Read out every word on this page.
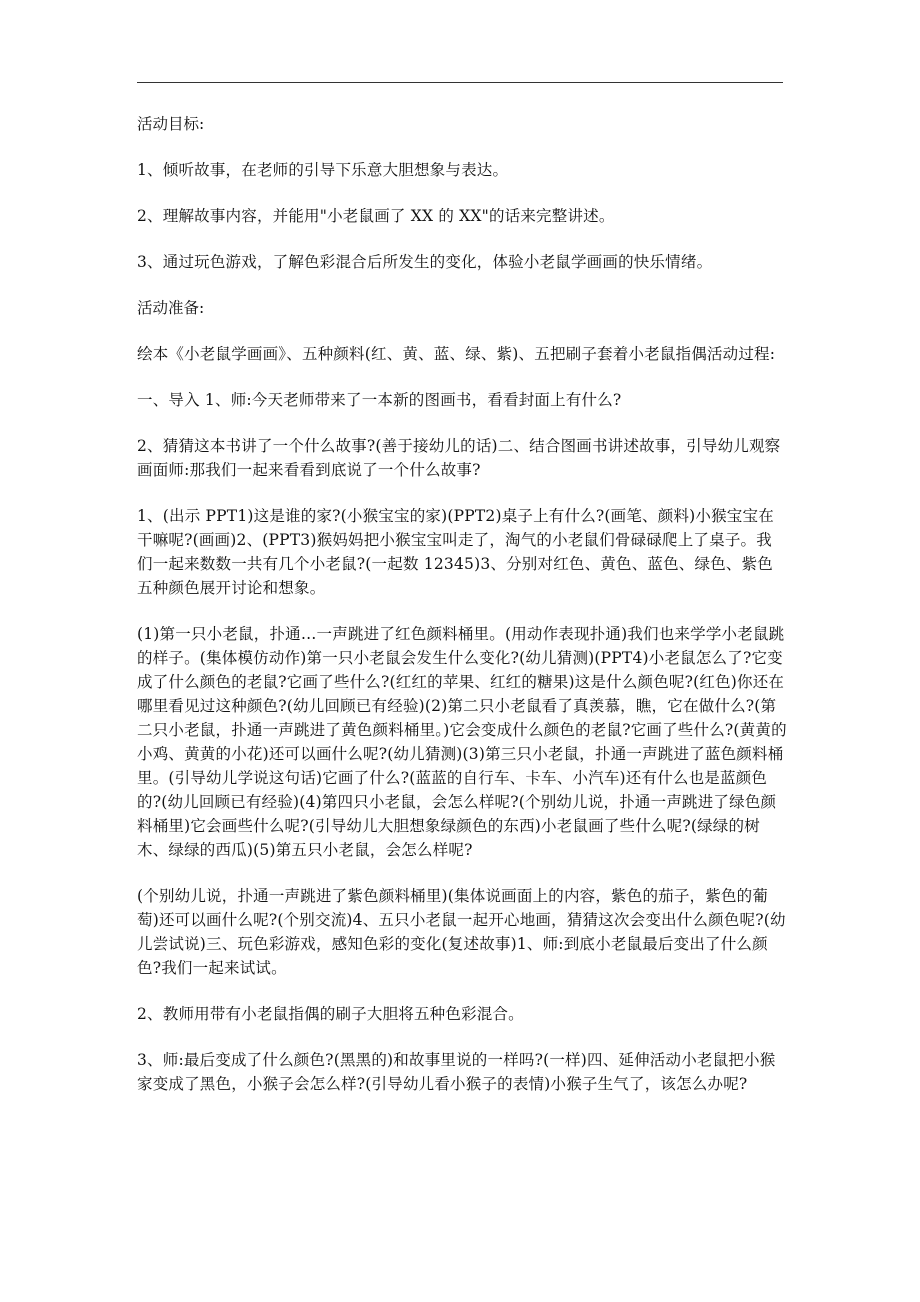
活动目标:

1、倾听故事，在老师的引导下乐意大胆想象与表达。

2、理解故事内容，并能用"小老鼠画了 XX 的 XX"的话来完整讲述。

3、通过玩色游戏，了解色彩混合后所发生的变化，体验小老鼠学画画的快乐情绪。

活动准备:

绘本《小老鼠学画画》、五种颜料(红、黄、蓝、绿、紫)、五把刷子套着小老鼠指偶活动过程:

一、导入 1、师:今天老师带来了一本新的图画书，看看封面上有什么?

2、猜猜这本书讲了一个什么故事?(善于接幼儿的话)二、结合图画书讲述故事，引导幼儿观察画面师:那我们一起来看看到底说了一个什么故事?

1、(出示 PPT1)这是谁的家?(小猴宝宝的家)(PPT2)桌子上有什么?(画笔、颜料)小猴宝宝在干嘛呢?(画画)2、(PPT3)猴妈妈把小猴宝宝叫走了，淘气的小老鼠们骨碌碌爬上了桌子。我们一起来数数一共有几个小老鼠?(一起数 12345)3、分别对红色、黄色、蓝色、绿色、紫色五种颜色展开讨论和想象。

(1)第一只小老鼠，扑通…一声跳进了红色颜料桶里。(用动作表现扑通)我们也来学学小老鼠跳的样子。(集体模仿动作)第一只小老鼠会发生什么变化?(幼儿猜测)(PPT4)小老鼠怎么了?它变成了什么颜色的老鼠?它画了些什么?(红红的苹果、红红的糖果)这是什么颜色呢?(红色)你还在哪里看见过这种颜色?(幼儿回顾已有经验)(2)第二只小老鼠看了真羡慕，瞧，它在做什么?(第二只小老鼠，扑通一声跳进了黄色颜料桶里。)它会变成什么颜色的老鼠?它画了些什么?(黄黄的小鸡、黄黄的小花)还可以画什么呢?(幼儿猜测)(3)第三只小老鼠，扑通一声跳进了蓝色颜料桶里。(引导幼儿学说这句话)它画了什么?(蓝蓝的自行车、卡车、小汽车)还有什么也是蓝颜色的?(幼儿回顾已有经验)(4)第四只小老鼠，会怎么样呢?(个别幼儿说，扑通一声跳进了绿色颜料桶里)它会画些什么呢?(引导幼儿大胆想象绿颜色的东西)小老鼠画了些什么呢?(绿绿的树木、绿绿的西瓜)(5)第五只小老鼠，会怎么样呢?

(个别幼儿说，扑通一声跳进了紫色颜料桶里)(集体说画面上的内容，紫色的茄子，紫色的葡萄)还可以画什么呢?(个别交流)4、五只小老鼠一起开心地画，猜猜这次会变出什么颜色呢?(幼儿尝试说)三、玩色彩游戏，感知色彩的变化(复述故事)1、师:到底小老鼠最后变出了什么颜色?我们一起来试试。

2、教师用带有小老鼠指偶的刷子大胆将五种色彩混合。

3、师:最后变成了什么颜色?(黑黑的)和故事里说的一样吗?(一样)四、延伸活动小老鼠把小猴家变成了黑色，小猴子会怎么样?(引导幼儿看小猴子的表情)小猴子生气了，该怎么办呢?
